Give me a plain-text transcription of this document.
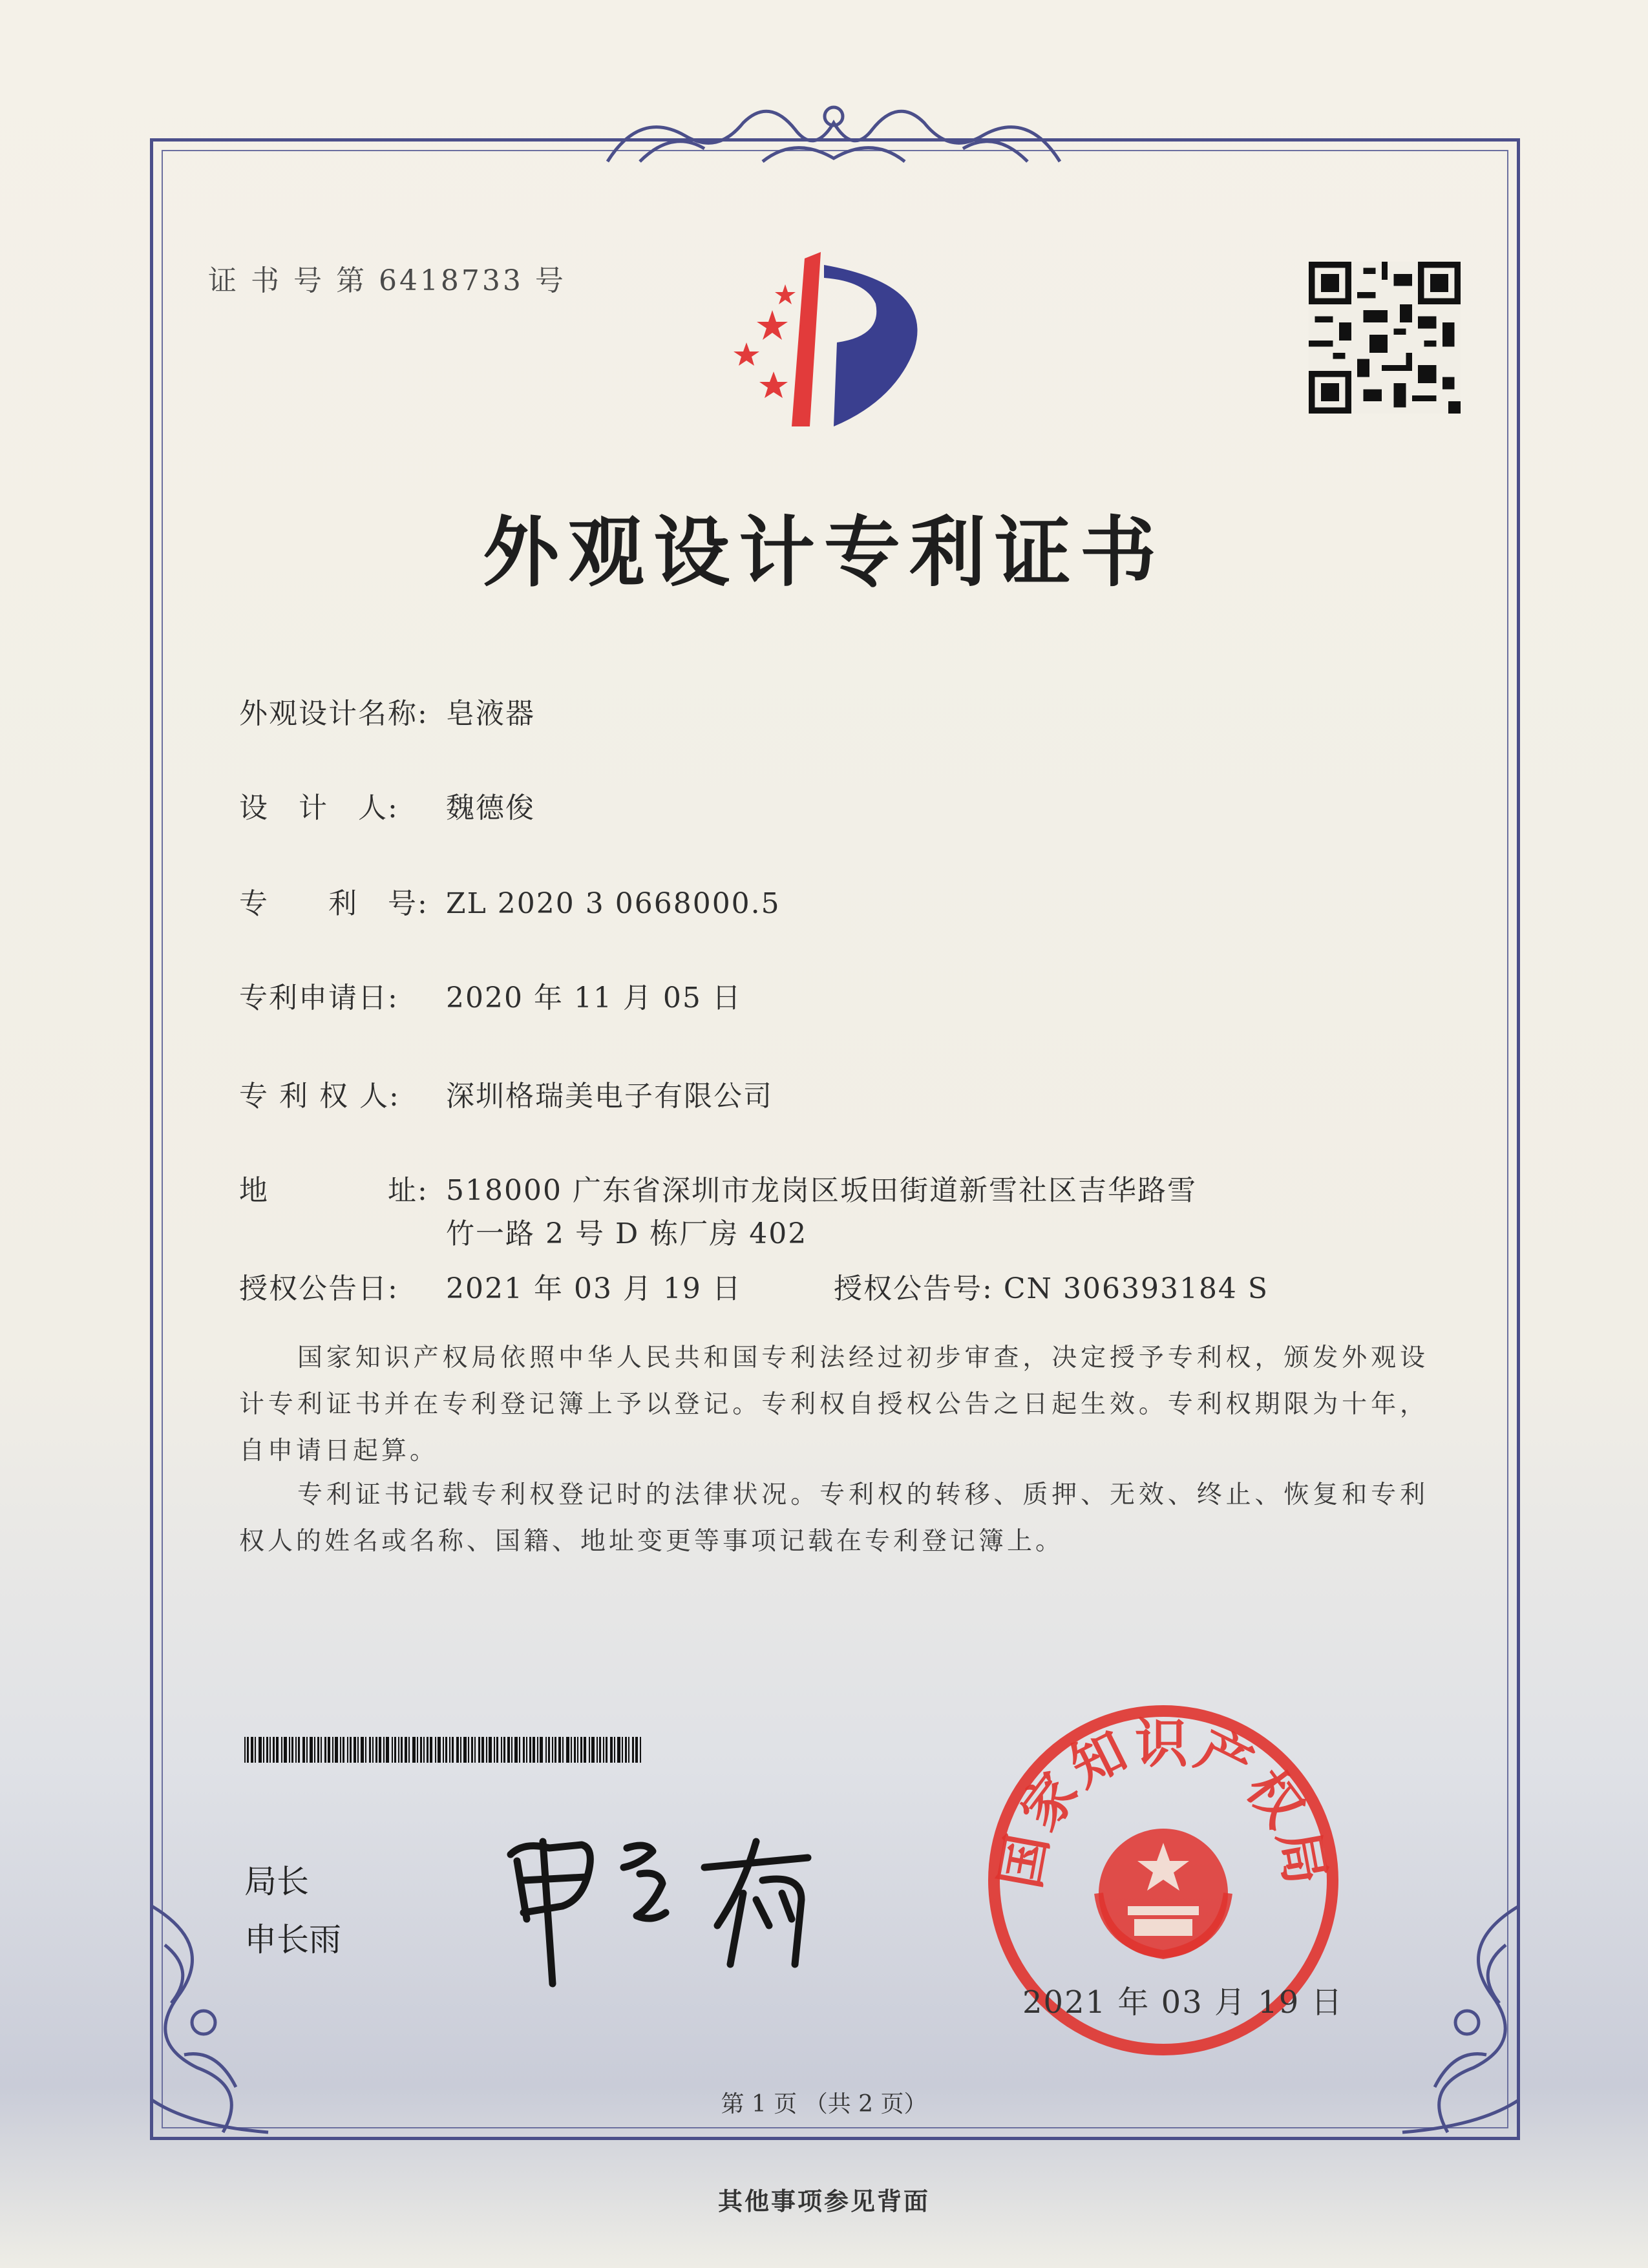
证 书 号 第 6418733 号
外观设计专利证书
外观设计名称: 皂液器
设　计　人: 魏德俊
专　　利　号: ZL 2020 3 0668000.5
专利申请日: 2020 年 11 月 05 日
专 利 权 人: 深圳格瑞美电子有限公司
地　　　　址: 518000 广东省深圳市龙岗区坂田街道新雪社区吉华路雪
竹一路 2 号 D 栋厂房 402
授权公告日: 2021 年 03 月 19 日	授权公告号: CN 306393184 S
国家知识产权局依照中华人民共和国专利法经过初步审查，决定授予专利权，颁发外观设计专利证书并在专利登记簿上予以登记。专利权自授权公告之日起生效。专利权期限为十年，自申请日起算。
专利证书记载专利权登记时的法律状况。专利权的转移、质押、无效、终止、恢复和专利权人的姓名或名称、国籍、地址变更等事项记载在专利登记簿上。
局长
申长雨
国家知识产权局
2021 年 03 月 19 日
第 1 页 （共 2 页）
其他事项参见背面
